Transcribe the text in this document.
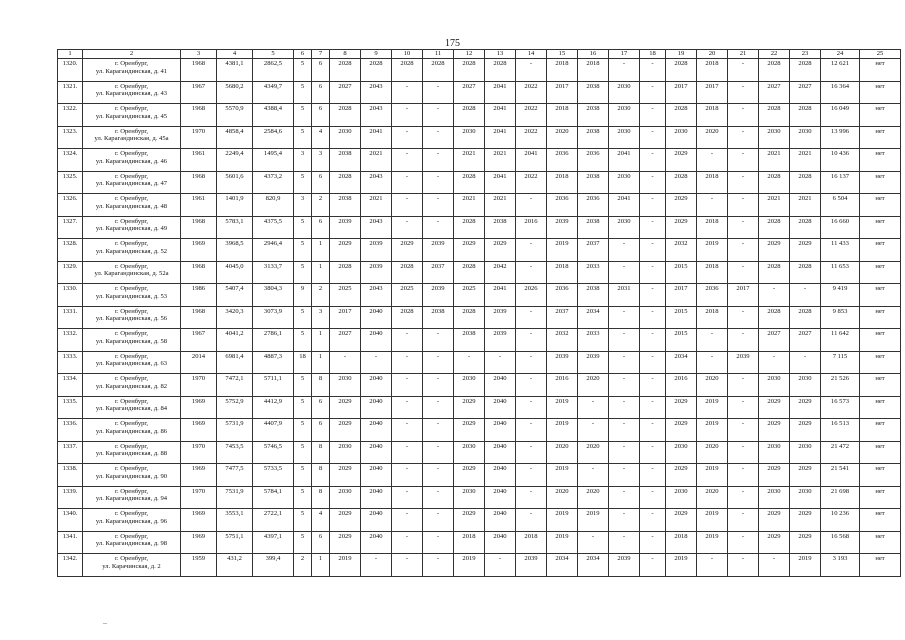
175
1	2	3	4	5	6	7	8	9	10	11	12	13	14	15	16	17	18	19	20	21	22	23	24	25
1320.	г. Оренбург,
ул. Карагандинская, д. 41	1968	4381,1	2862,5	5	6	2028	2028	2028	2028	2028	2028	-	2018	2018	-	-	2028	2018	-	2028	2028	12 621	нет
1321.	г. Оренбург,
ул. Карагандинская, д. 43	1967	5680,2	4349,7	5	6	2027	2043	-	-	2027	2041	2022	2017	2038	2030	-	2017	2017	-	2027	2027	16 364	нет
1322.	г. Оренбург,
ул. Карагандинская, д. 45	1968	5570,9	4388,4	5	6	2028	2043	-	-	2028	2041	2022	2018	2038	2030	-	2028	2018	-	2028	2028	16 049	нет
1323.	г. Оренбург,
ул. Карагандинская, д. 45а	1970	4858,4	2584,6	5	4	2030	2041	-	-	2030	2041	2022	2020	2038	2030	-	2030	2020	-	2030	2030	13 996	нет
1324.	г. Оренбург,
ул. Карагандинская, д. 46	1961	2249,4	1495,4	3	3	2038	2021	-	-	2021	2021	2041	2036	2036	2041	-	2029	-	-	2021	2021	10 436	нет
1325.	г. Оренбург,
ул. Карагандинская, д. 47	1968	5601,6	4373,2	5	6	2028	2043	-	-	2028	2041	2022	2018	2038	2030	-	2028	2018	-	2028	2028	16 137	нет
1326.	г. Оренбург,
ул. Карагандинская, д. 48	1961	1401,9	820,9	3	2	2038	2021	-	-	2021	2021	-	2036	2036	2041	-	2029	-	-	2021	2021	6 504	нет
1327.	г. Оренбург,
ул. Карагандинская, д. 49	1968	5783,1	4375,5	5	6	2039	2043	-	-	2028	2038	2016	2039	2038	2030	-	2029	2018	-	2028	2028	16 660	нет
1328.	г. Оренбург,
ул. Карагандинская, д. 52	1969	3968,5	2946,4	5	1	2029	2039	2029	2039	2029	2029	-	2019	2037	-	-	2032	2019	-	2029	2029	11 433	нет
1329.	г. Оренбург,
ул. Карагандинская, д. 52а	1968	4045,0	3133,7	5	1	2028	2039	2028	2037	2028	2042	-	2018	2033	-	-	2015	2018	-	2028	2028	11 653	нет
1330.	г. Оренбург,
ул. Карагандинская, д. 53	1986	5407,4	3804,3	9	2	2025	2043	2025	2039	2025	2041	2026	2036	2038	2031	-	2017	2036	2017	-	-	9 419	нет
1331.	г. Оренбург,
ул. Карагандинская, д. 56	1968	3420,3	3073,9	5	3	2017	2040	2028	2038	2028	2039	-	2037	2034	-	-	2015	2018	-	2028	2028	9 853	нет
1332.	г. Оренбург,
ул. Карагандинская, д. 58	1967	4041,2	2786,1	5	1	2027	2040	-	-	2038	2039	-	2032	2033	-	-	2015	-	-	2027	2027	11 642	нет
1333.	г. Оренбург,
ул. Карагандинская, д. 63	2014	6981,4	4887,3	18	1	-	-	-	-	-	-	-	2039	2039	-	-	2034	-	2039	-	-	7 115	нет
1334.	г. Оренбург,
ул. Карагандинская, д. 82	1970	7472,1	5711,1	5	8	2030	2040	-	-	2030	2040	-	2016	2020	-	-	2016	2020	-	2030	2030	21 526	нет
1335.	г. Оренбург,
ул. Карагандинская, д. 84	1969	5752,9	4412,9	5	6	2029	2040	-	-	2029	2040	-	2019	-	-	-	2029	2019	-	2029	2029	16 573	нет
1336.	г. Оренбург,
ул. Карагандинская, д. 86	1969	5731,9	4407,9	5	6	2029	2040	-	-	2029	2040	-	2019	-	-	-	2029	2019	-	2029	2029	16 513	нет
1337.	г. Оренбург,
ул. Карагандинская, д. 88	1970	7453,5	5746,5	5	8	2030	2040	-	-	2030	2040	-	2020	2020	-	-	2030	2020	-	2030	2030	21 472	нет
1338.	г. Оренбург,
ул. Карагандинская, д. 90	1969	7477,5	5733,5	5	8	2029	2040	-	-	2029	2040	-	2019	-	-	-	2029	2019	-	2029	2029	21 541	нет
1339.	г. Оренбург,
ул. Карагандинская, д. 94	1970	7531,9	5784,1	5	8	2030	2040	-	-	2030	2040	-	2020	2020	-	-	2030	2020	-	2030	2030	21 698	нет
1340.	г. Оренбург,
ул. Карагандинская, д. 96	1969	3553,1	2722,1	5	4	2029	2040	-	-	2029	2040	-	2019	2019	-	-	2029	2019	-	2029	2029	10 236	нет
1341.	г. Оренбург,
ул. Карагандинская, д. 98	1969	5751,1	4397,1	5	6	2029	2040	-	-	2018	2040	2018	2019	-	-	-	2018	2019	-	2029	2029	16 568	нет
1342.	г. Оренбург,
ул. Карачинская, д. 2	1959	431,2	399,4	2	1	2019	-	-	-	2019	-	2039	2034	2034	2039	-	2019	-	-	-	2019	3 193	нет
